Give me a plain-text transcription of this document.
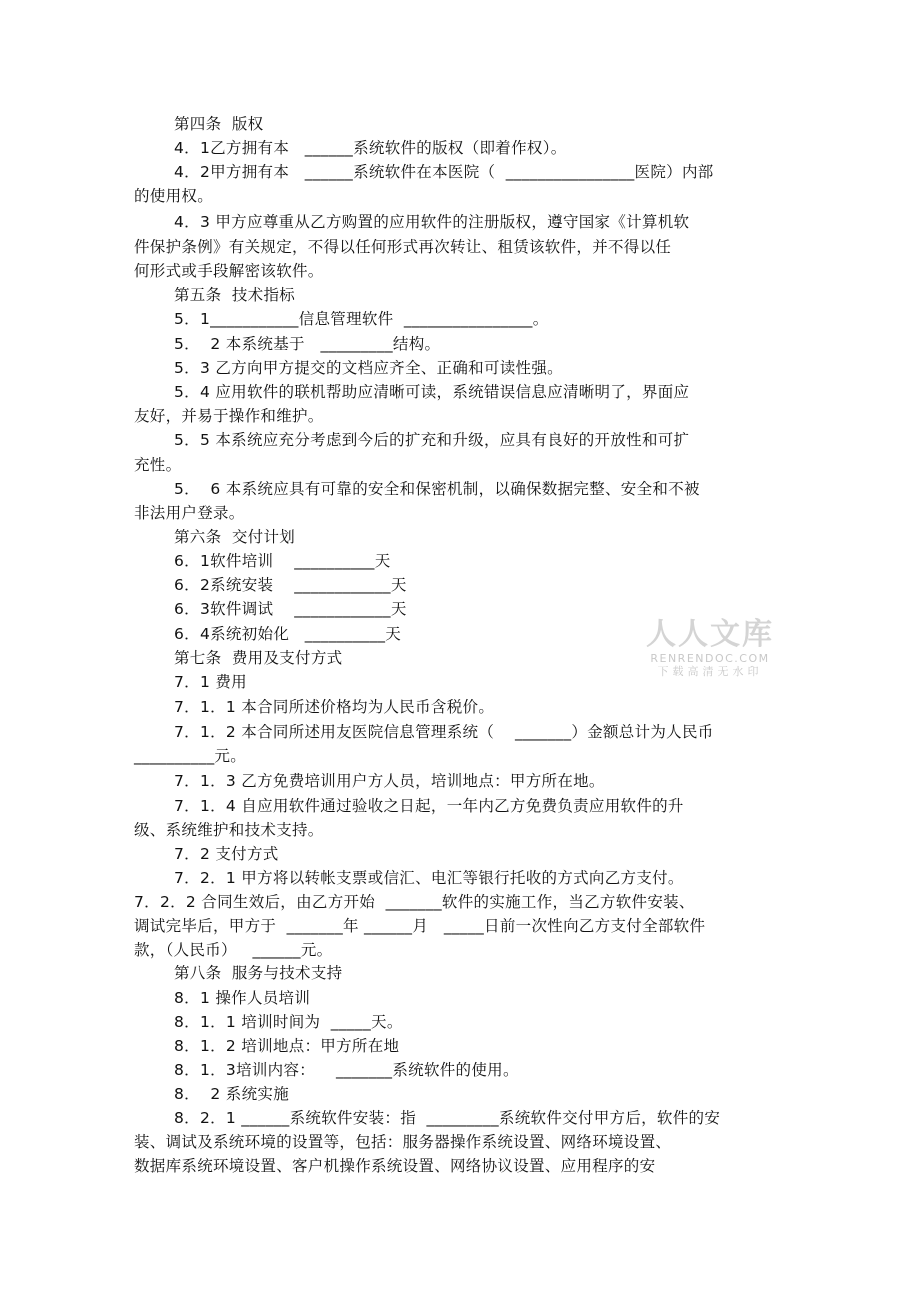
第四条  版权
4．1乙方拥有本   ______系统软件的版权（即着作权）。
4．2甲方拥有本   ______系统软件在本医院（  ________________医院）内部
的使用权。
4．3 甲方应尊重从乙方购置的应用软件的注册版权，遵守国家《计算机软
件保护条例》有关规定，不得以任何形式再次转让、租赁该软件，并不得以任
何形式或手段解密该软件。
第五条  技术指标
5．1___________信息管理软件  ________________。
5．  2 本系统基于   _________结构。
5．3 乙方向甲方提交的文档应齐全、正确和可读性强。
5．4 应用软件的联机帮助应清晰可读，系统错误信息应清晰明了，界面应
友好，并易于操作和维护。
5．5 本系统应充分考虑到今后的扩充和升级，应具有良好的开放性和可扩
充性。
5．  6 本系统应具有可靠的安全和保密机制，以确保数据完整、安全和不被
非法用户登录。
第六条  交付计划
6．1软件培训    __________天
6．2系统安装    ____________天
6．3软件调试    ____________天
6．4系统初始化   __________天
第七条  费用及支付方式
7．1 费用
7．1．1 本合同所述价格均为人民币含税价。
7．1．2 本合同所述用友医院信息管理系统（    _______）金额总计为人民币
__________元。
7．1．3 乙方免费培训用户方人员，培训地点：甲方所在地。
7．1．4 自应用软件通过验收之日起，一年内乙方免费负责应用软件的升
级、系统维护和技术支持。
7．2 支付方式
7．2．1 甲方将以转帐支票或信汇、电汇等银行托收的方式向乙方支付。
7．2．2 合同生效后，由乙方开始  _______软件的实施工作，当乙方软件安装、
调试完毕后，甲方于  _______年 ______月   _____日前一次性向乙方支付全部软件
款，（人民币）   ______元。
第八条  服务与技术支持
8．1 操作人员培训
8．1．1 培训时间为  _____天。
8．1．2 培训地点：甲方所在地
8．1．3培训内容：    _______系统软件的使用。
8．  2 系统实施
8．2．1 ______系统软件安装：指  _________系统软件交付甲方后，软件的安
装、调试及系统环境的设置等，包括：服务器操作系统设置、网络环境设置、
数据库系统环境设置、客户机操作系统设置、网络协议设置、应用程序的安
人人文库
RENRENDOC.COM
下载高清无水印
